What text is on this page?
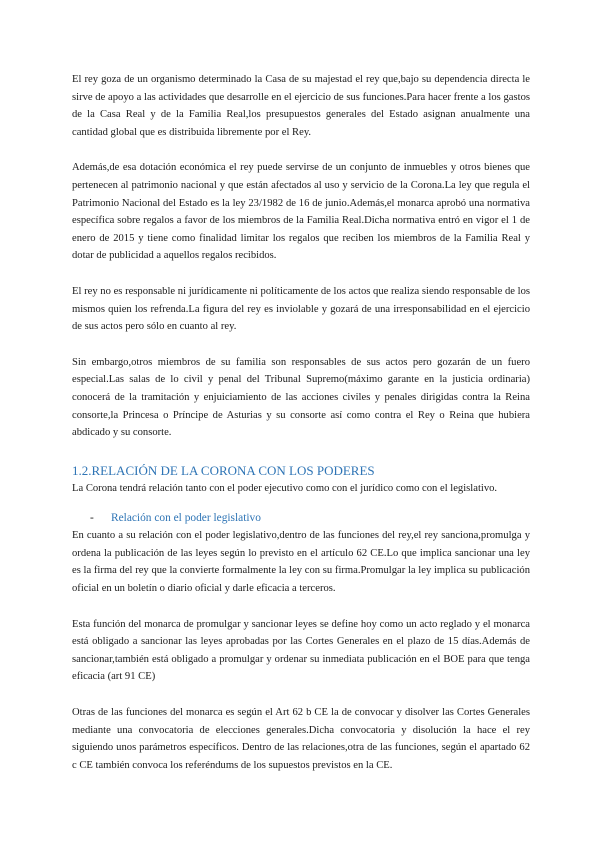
El rey goza de un organismo determinado la Casa de su majestad el rey que,bajo su dependencia directa le sirve de apoyo a las actividades que desarrolle en el ejercicio de sus funciones.Para hacer frente a los gastos de la Casa Real y de la Familia Real,los presupuestos generales del Estado asignan anualmente una cantidad global que es distribuida libremente por el Rey.

Además,de esa dotación económica el rey puede servirse de un conjunto de inmuebles y otros bienes que pertenecen al patrimonio nacional y que están afectados al uso y servicio de la Corona.La ley que regula el Patrimonio Nacional del Estado es la ley 23/1982 de 16 de junio.Además,el monarca aprobó una normativa específica sobre regalos a favor de los miembros de la Familia Real.Dicha normativa entró en vigor el 1 de enero de 2015 y tiene como finalidad limitar los regalos que reciben los miembros de la Familia Real y dotar de publicidad a aquellos regalos recibidos.

El rey no es responsable ni jurídicamente ni políticamente de los actos que realiza siendo responsable de los mismos quien los refrenda.La figura del rey es inviolable y gozará de una irresponsabilidad en el ejercicio de sus actos pero sólo en cuanto al rey.

Sin embargo,otros miembros de su familia son responsables de sus actos pero gozarán de un fuero especial.Las salas de lo civil y penal del Tribunal Supremo(máximo garante en la justicia ordinaria) conocerá de la tramitación y enjuiciamiento de las acciones civiles y penales dirigidas contra la Reina consorte,la Princesa o Príncipe de Asturias y su consorte así como contra el Rey o Reina que hubiera abdicado y su consorte.

1.2.RELACIÓN DE LA CORONA CON LOS PODERES

La Corona tendrá relación tanto con el poder ejecutivo como con el jurídico como con el legislativo.

-	Relación con el poder legislativo

En cuanto a su relación con el poder legislativo,dentro de las funciones del rey,el rey sanciona,promulga y ordena la publicación de las leyes según lo previsto en el artículo 62 CE.Lo que implica sancionar una ley es la firma del rey que la convierte formalmente la ley con su firma.Promulgar la ley implica su publicación oficial en un boletín o diario oficial y darle eficacia a terceros.

Esta función del monarca de promulgar y sancionar leyes se define hoy como un acto reglado y el monarca está obligado a sancionar las leyes aprobadas por las Cortes Generales en el plazo de 15 días.Además de sancionar,también está obligado a promulgar y ordenar su inmediata publicación en el BOE para que tenga eficacia (art 91 CE)

Otras de las funciones del monarca es según el Art 62 b CE la de convocar y disolver las Cortes Generales mediante una convocatoria de elecciones generales.Dicha convocatoria y disolución la hace el rey siguiendo unos parámetros específicos. Dentro de las relaciones,otra de las funciones, según el apartado 62 c CE también convoca los referéndums de los supuestos previstos en la CE.
